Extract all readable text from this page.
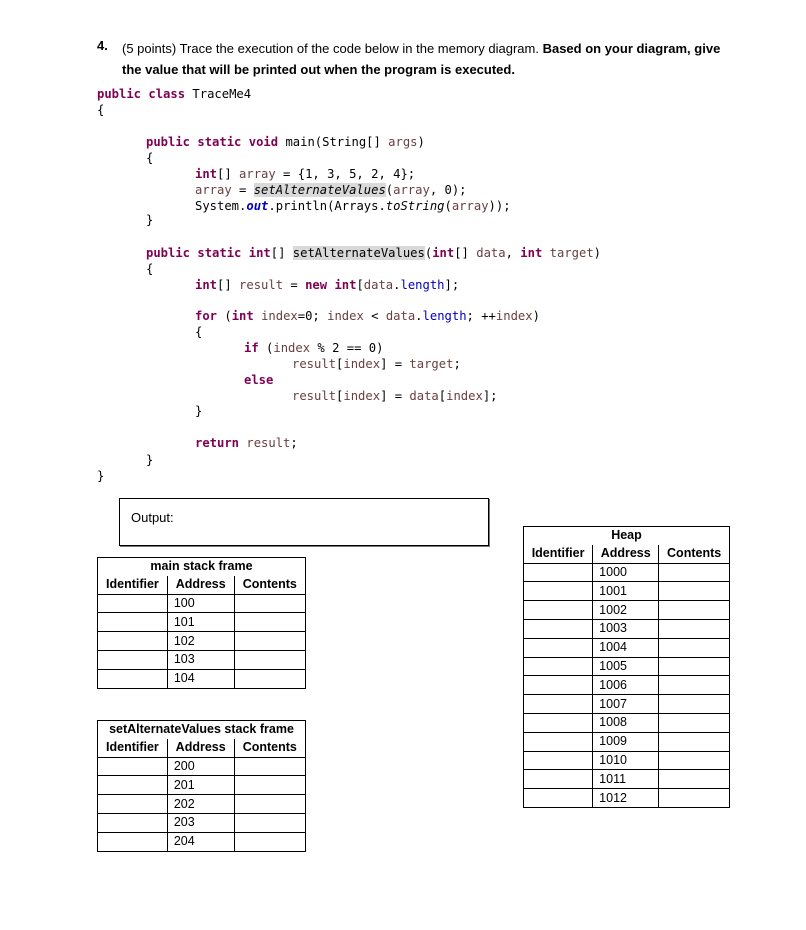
4. (5 points) Trace the execution of the code below in the memory diagram. Based on your diagram, give the value that will be printed out when the program is executed.
public class TraceMe4
{
public static void main(String[] args)
{
int[] array = {1, 3, 5, 2, 4};
array = setAlternateValues(array, 0);
System.out.println(Arrays.toString(array));
}
public static int[] setAlternateValues(int[] data, int target)
{
int[] result = new int[data.length];
for (int index=0; index < data.length; ++index)
{
if (index % 2 == 0)
result[index] = target;
else
result[index] = data[index];
}
return result;
}
}
Output:
main stack frame		
Identifier	Address	Contents
	100	
	101	
	102	
	103	
	104	
setAlternateValues stack frame		
Identifier	Address	Contents
	200	
	201	
	202	
	203	
	204	
Heap		
Identifier	Address	Contents
	1000	
	1001	
	1002	
	1003	
	1004	
	1005	
	1006	
	1007	
	1008	
	1009	
	1010	
	1011	
	1012	
